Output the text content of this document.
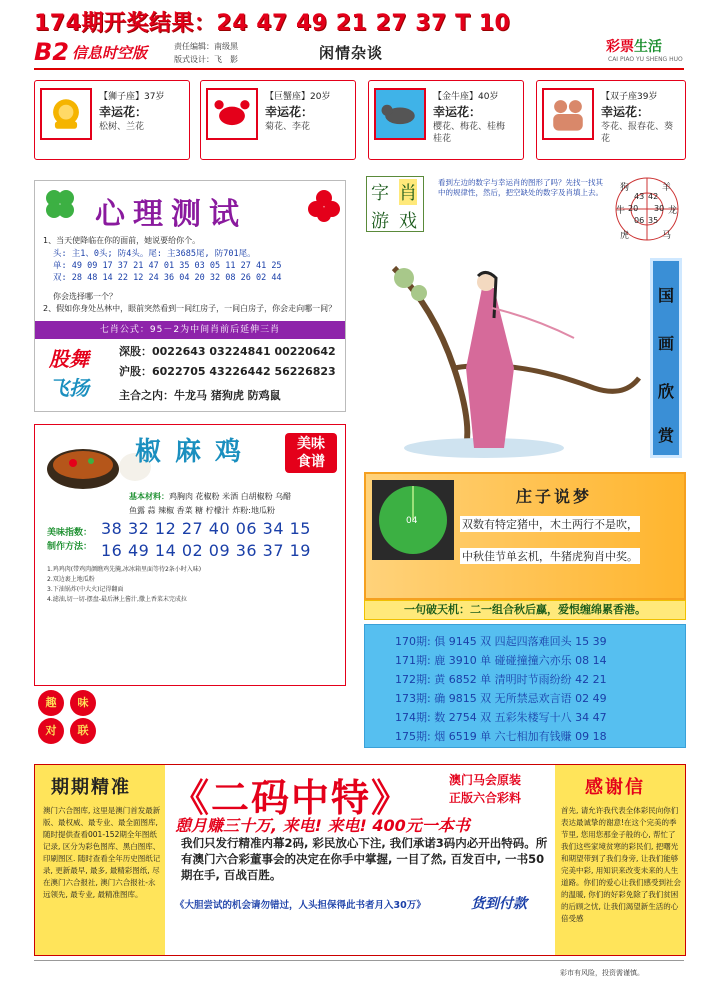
174期开奖结果：24 47 49 21 27 37 T 10
B2 信息时空版	责任编辑：南级黑
版式设计：飞　影	闲情杂谈	彩票生活
CAI PIAO YU SHENG HUO
【狮子座】37岁
幸运花：
松树、兰花
【巨蟹座】20岁
幸运花：
菊花、李花
【金牛座】40岁
幸运花：
樱花、梅花、桂梅桂花
【双子座39岁
幸运花：
苓花、报春花、葵花
心理测试
1、当天使降临在你的面前，她说要给你个。
头: 主1、0头; 防4头。尾: 主3685尾, 防701尾。
单: 49 09 17 37 21 47 01 35 03 05 11 27 41 25
双: 28 48 14 22 12 24 36 04 20 32 08 26 02 44
你会选择哪一个？
2、假如你身处丛林中，眼前突然看到一间红房子，一间白房子，你会走向哪一间？
七肖公式：95－2为中间肖前后延伸三肖
股舞
飞扬
深股：0022643 03224841 00220642
沪股：6022705 43226442 56226823
主合之内：牛龙马 猪狗虎 防鸡鼠
字 肖
游 戏
看到左边的数字与幸运肖的图形了吗？先找一找其中的规律性，然后，把空缺处的数字及肖填上去。 狗	羊
牛	龙
虎	马
43 42
20 30
06 35
国
画
欣
赏
椒麻鸡	美味
食谱
基本材料：鸡胸肉 花椒粉 米酒 白胡椒粉 乌醋
鱼露 蒜 辣椒 香菜 糖 柠檬汁 炸粉:地瓜粉
美味指数：
制作方法：
38 32 12 27 40 06 34 15
16 49 14 02 09 36 37 19
1.鸡鸡肉(带鸡肉颜瞧鸡先腌,冰冰箱里面等待2条小时入味)
2.双边裹上地瓜粉
3.下油锅炸(中大火)记得翻面
4.滤油,切一切-摆盘-最后淋上酱汁,撒上香菜末完成拉
趣	味
对	联
04
庄子说梦
双数有特定猪中，木土两行不是吹，
中秋佳节单玄机，牛猪虎狗肖中奖。
一句破天机：二一组合秋后蠃，爱恨缠绵累香港。
170期: 俱 9145 双 四起四落难回头 15 39
171期: 鹿 3910 单 碰碰撞撞六亦乐 08 14
172期: 黄 6852 单 清明时节雨纷纷 42 21
173期: 确 9815 双 无所禁忌欢言语 02 49
174期: 数 2754 双 五彩朱楼写十八 34 47
175期: 烟 6519 单 六七相加有钱赚 09 18
期期精准
澳门六合图库, 这里是澳门首发最新版、最权威、最专业、最全面图库, 随时提供查看001-152期全年图纸记录, 区分为彩色图库、黑白图库、印刷图区. 随时查看全年历史图纸记录, 更新最早, 最多, 最精彩图纸, 尽在澳门六合报社, 澳门六合报社-永远领先, 最专业, 最精准图库。
《二码中特》	澳门马会原装
正版六合彩料
憩月赚三十万, 来电! 来电! 400元一本书
我们只发行精准内幕2码, 彩民放心下注, 我们承诺3码内必开出特码。所有澳门六合彩董事会的决定在你手中掌握, 一目了然, 百发百中, 一书50期在手, 百战百胜。
《大胆尝试的机会请勿错过，人头担保得此书者月入30万》	货到付款
感谢信
首先, 请允许我代表全体彩民向你们表达最诚挚的谢意!在这个完美的季节里, 您用您那金子般的心, 帮忙了我们这些家境贫寒的彩民们, 把曙光和期望带到了我们身旁, 让我们能够完美中彩, 用知识来改变未来的人生道路。你们的爱心让我们感受到社会的温暖, 你们的好彩免除了我们贫困的后顾之忧, 让我们渴望新生活的心倍受感
彩市有风险，投资需谨慎。
